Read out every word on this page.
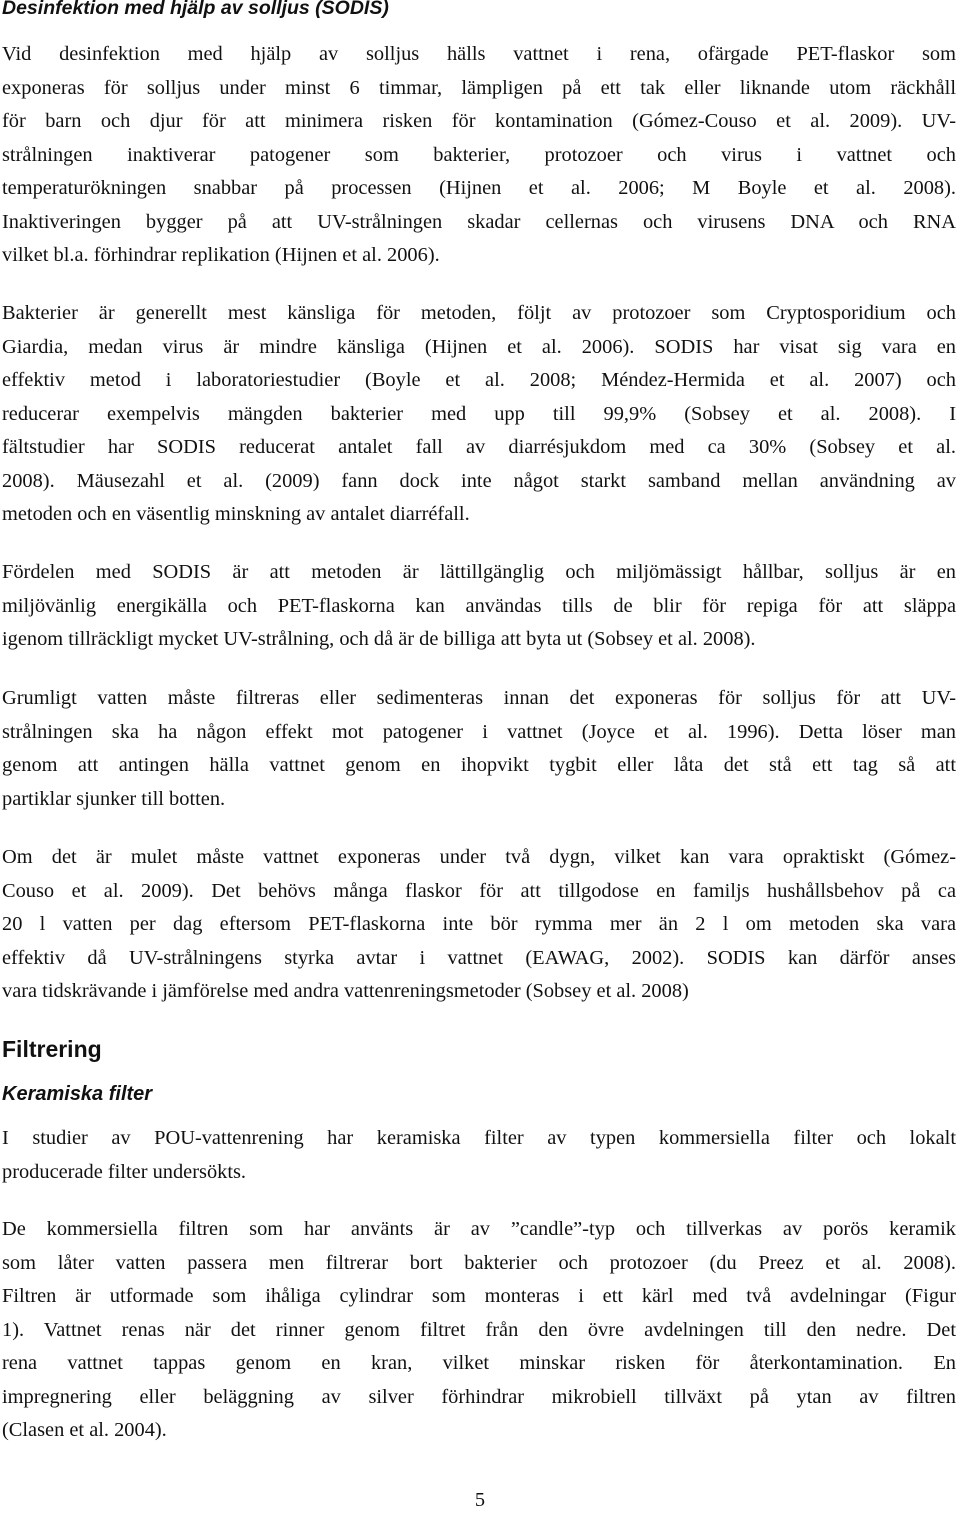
Desinfektion med hjälp av solljus (SODIS)
Vid desinfektion med hjälp av solljus hälls vattnet i rena, ofärgade PET-flaskor som
exponeras för solljus under minst 6 timmar, lämpligen på ett tak eller liknande utom räckhåll
för barn och djur för att minimera risken för kontamination (Gómez-Couso et al. 2009). UV-
strålningen inaktiverar patogener som bakterier, protozoer och virus i vattnet och
temperaturökningen snabbar på processen (Hijnen et al. 2006; M Boyle et al. 2008).
Inaktiveringen bygger på att UV-strålningen skadar cellernas och virusens DNA och RNA
vilket bl.a. förhindrar replikation (Hijnen et al. 2006).
Bakterier är generellt mest känsliga för metoden, följt av protozoer som Cryptosporidium och
Giardia, medan virus är mindre känsliga (Hijnen et al. 2006). SODIS har visat sig vara en
effektiv metod i laboratoriestudier (Boyle et al. 2008; Méndez-Hermida et al. 2007) och
reducerar exempelvis mängden bakterier med upp till 99,9% (Sobsey et al. 2008). I
fältstudier har SODIS reducerat antalet fall av diarrésjukdom med ca 30% (Sobsey et al.
2008). Mäusezahl et al. (2009) fann dock inte något starkt samband mellan användning av
metoden och en väsentlig minskning av antalet diarréfall.
Fördelen med SODIS är att metoden är lättillgänglig och miljömässigt hållbar, solljus är en
miljövänlig energikälla och PET-flaskorna kan användas tills de blir för repiga för att släppa
igenom tillräckligt mycket UV-strålning, och då är de billiga att byta ut (Sobsey et al. 2008).
Grumligt vatten måste filtreras eller sedimenteras innan det exponeras för solljus för att UV-
strålningen ska ha någon effekt mot patogener i vattnet (Joyce et al. 1996). Detta löser man
genom att antingen hälla vattnet genom en ihopvikt tygbit eller låta det stå ett tag så att
partiklar sjunker till botten.
Om det är mulet måste vattnet exponeras under två dygn, vilket kan vara opraktiskt (Gómez-
Couso et al. 2009). Det behövs många flaskor för att tillgodose en familjs hushållsbehov på ca
20 l vatten per dag eftersom PET-flaskorna inte bör rymma mer än 2 l om metoden ska vara
effektiv då UV-strålningens styrka avtar i vattnet (EAWAG, 2002). SODIS kan därför anses
vara tidskrävande i jämförelse med andra vattenreningsmetoder (Sobsey et al. 2008)
Filtrering
Keramiska filter
I studier av POU-vattenrening har keramiska filter av typen kommersiella filter och lokalt
producerade filter undersökts.
De kommersiella filtren som har använts är av ”candle”-typ och tillverkas av porös keramik
som låter vatten passera men filtrerar bort bakterier och protozoer (du Preez et al. 2008).
Filtren är utformade som ihåliga cylindrar som monteras i ett kärl med två avdelningar (Figur
1). Vattnet renas när det rinner genom filtret från den övre avdelningen till den nedre. Det
rena vattnet tappas genom en kran, vilket minskar risken för återkontamination. En
impregnering eller beläggning av silver förhindrar mikrobiell tillväxt på ytan av filtren
(Clasen et al. 2004).

5
